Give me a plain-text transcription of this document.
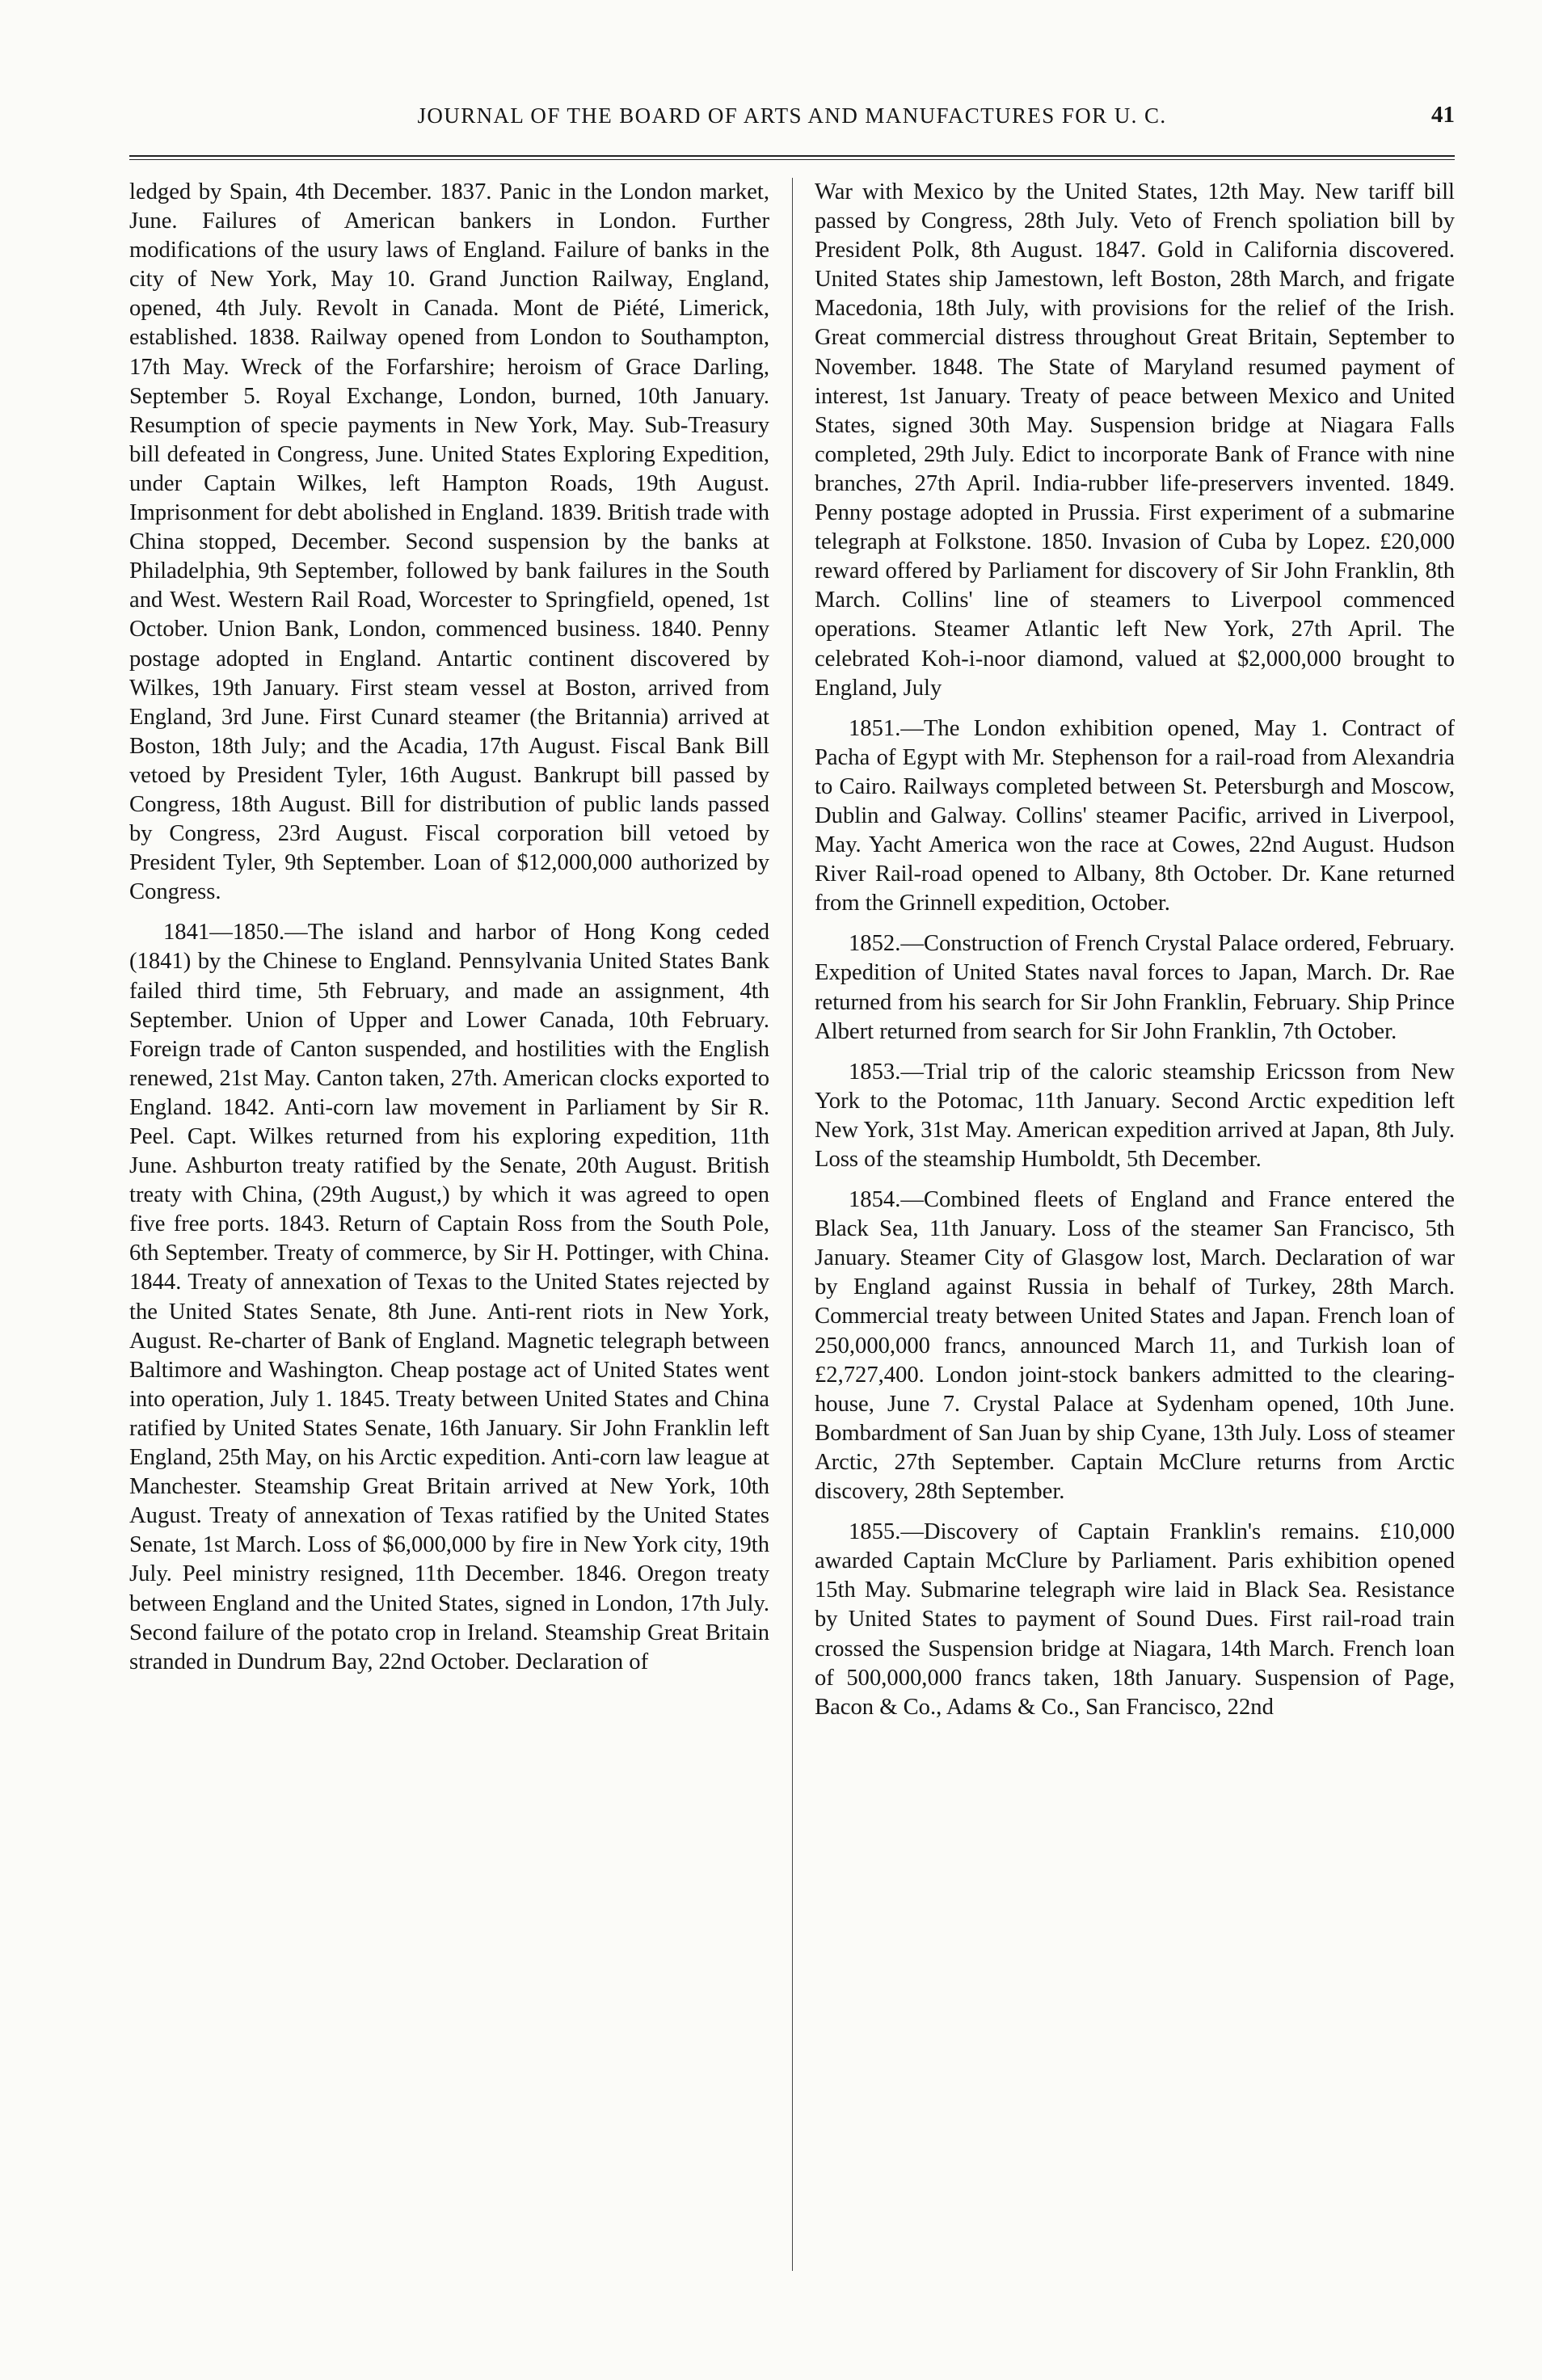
JOURNAL OF THE BOARD OF ARTS AND MANUFACTURES FOR U. C.	41

ledged by Spain, 4th December. 1837. Panic in the London market, June. Failures of American bankers in London. Further modifications of the usury laws of England. Failure of banks in the city of New York, May 10. Grand Junction Railway, England, opened, 4th July. Revolt in Canada. Mont de Piété, Limerick, established. 1838. Railway opened from London to Southampton, 17th May. Wreck of the Forfarshire; heroism of Grace Darling, September 5. Royal Exchange, London, burned, 10th January. Resumption of specie payments in New York, May. Sub-Treasury bill defeated in Congress, June. United States Exploring Expedition, under Captain Wilkes, left Hampton Roads, 19th August. Imprisonment for debt abolished in England. 1839. British trade with China stopped, December. Second suspension by the banks at Philadelphia, 9th September, followed by bank failures in the South and West. Western Rail Road, Worcester to Springfield, opened, 1st October. Union Bank, London, commenced business. 1840. Penny postage adopted in England. Antartic continent discovered by Wilkes, 19th January. First steam vessel at Boston, arrived from England, 3rd June. First Cunard steamer (the Britannia) arrived at Boston, 18th July; and the Acadia, 17th August. Fiscal Bank Bill vetoed by President Tyler, 16th August. Bankrupt bill passed by Congress, 18th August. Bill for distribution of public lands passed by Congress, 23rd August. Fiscal corporation bill vetoed by President Tyler, 9th September. Loan of $12,000,000 authorized by Congress.

1841—1850.—The island and harbor of Hong Kong ceded (1841) by the Chinese to England. Pennsylvania United States Bank failed third time, 5th February, and made an assignment, 4th September. Union of Upper and Lower Canada, 10th February. Foreign trade of Canton suspended, and hostilities with the English renewed, 21st May. Canton taken, 27th. American clocks exported to England. 1842. Anti-corn law movement in Parliament by Sir R. Peel. Capt. Wilkes returned from his exploring expedition, 11th June. Ashburton treaty ratified by the Senate, 20th August. British treaty with China, (29th August,) by which it was agreed to open five free ports. 1843. Return of Captain Ross from the South Pole, 6th September. Treaty of commerce, by Sir H. Pottinger, with China. 1844. Treaty of annexation of Texas to the United States rejected by the United States Senate, 8th June. Anti-rent riots in New York, August. Re-charter of Bank of England. Magnetic telegraph between Baltimore and Washington. Cheap postage act of United States went into operation, July 1. 1845. Treaty between United States and China ratified by United States Senate, 16th January. Sir John Franklin left England, 25th May, on his Arctic expedition. Anti-corn law league at Manchester. Steamship Great Britain arrived at New York, 10th August. Treaty of annexation of Texas ratified by the United States Senate, 1st March. Loss of $6,000,000 by fire in New York city, 19th July. Peel ministry resigned, 11th December. 1846. Oregon treaty between England and the United States, signed in London, 17th July. Second failure of the potato crop in Ireland. Steamship Great Britain stranded in Dundrum Bay, 22nd October. Declaration of

War with Mexico by the United States, 12th May. New tariff bill passed by Congress, 28th July. Veto of French spoliation bill by President Polk, 8th August. 1847. Gold in California discovered. United States ship Jamestown, left Boston, 28th March, and frigate Macedonia, 18th July, with provisions for the relief of the Irish. Great commercial distress throughout Great Britain, September to November. 1848. The State of Maryland resumed payment of interest, 1st January. Treaty of peace between Mexico and United States, signed 30th May. Suspension bridge at Niagara Falls completed, 29th July. Edict to incorporate Bank of France with nine branches, 27th April. India-rubber life-preservers invented. 1849. Penny postage adopted in Prussia. First experiment of a submarine telegraph at Folkstone. 1850. Invasion of Cuba by Lopez. £20,000 reward offered by Parliament for discovery of Sir John Franklin, 8th March. Collins' line of steamers to Liverpool commenced operations. Steamer Atlantic left New York, 27th April. The celebrated Koh-i-noor diamond, valued at $2,000,000 brought to England, July

1851.—The London exhibition opened, May 1. Contract of Pacha of Egypt with Mr. Stephenson for a rail-road from Alexandria to Cairo. Railways completed between St. Petersburgh and Moscow, Dublin and Galway. Collins' steamer Pacific, arrived in Liverpool, May. Yacht America won the race at Cowes, 22nd August. Hudson River Rail-road opened to Albany, 8th October. Dr. Kane returned from the Grinnell expedition, October.

1852.—Construction of French Crystal Palace ordered, February. Expedition of United States naval forces to Japan, March. Dr. Rae returned from his search for Sir John Franklin, February. Ship Prince Albert returned from search for Sir John Franklin, 7th October.

1853.—Trial trip of the caloric steamship Ericsson from New York to the Potomac, 11th January. Second Arctic expedition left New York, 31st May. American expedition arrived at Japan, 8th July. Loss of the steamship Humboldt, 5th December.

1854.—Combined fleets of England and France entered the Black Sea, 11th January. Loss of the steamer San Francisco, 5th January. Steamer City of Glasgow lost, March. Declaration of war by England against Russia in behalf of Turkey, 28th March. Commercial treaty between United States and Japan. French loan of 250,000,000 francs, announced March 11, and Turkish loan of £2,727,400. London joint-stock bankers admitted to the clearing-house, June 7. Crystal Palace at Sydenham opened, 10th June. Bombardment of San Juan by ship Cyane, 13th July. Loss of steamer Arctic, 27th September. Captain McClure returns from Arctic discovery, 28th September.

1855.—Discovery of Captain Franklin's remains. £10,000 awarded Captain McClure by Parliament. Paris exhibition opened 15th May. Submarine telegraph wire laid in Black Sea. Resistance by United States to payment of Sound Dues. First rail-road train crossed the Suspension bridge at Niagara, 14th March. French loan of 500,000,000 francs taken, 18th January. Suspension of Page, Bacon & Co., Adams & Co., San Francisco, 22nd
